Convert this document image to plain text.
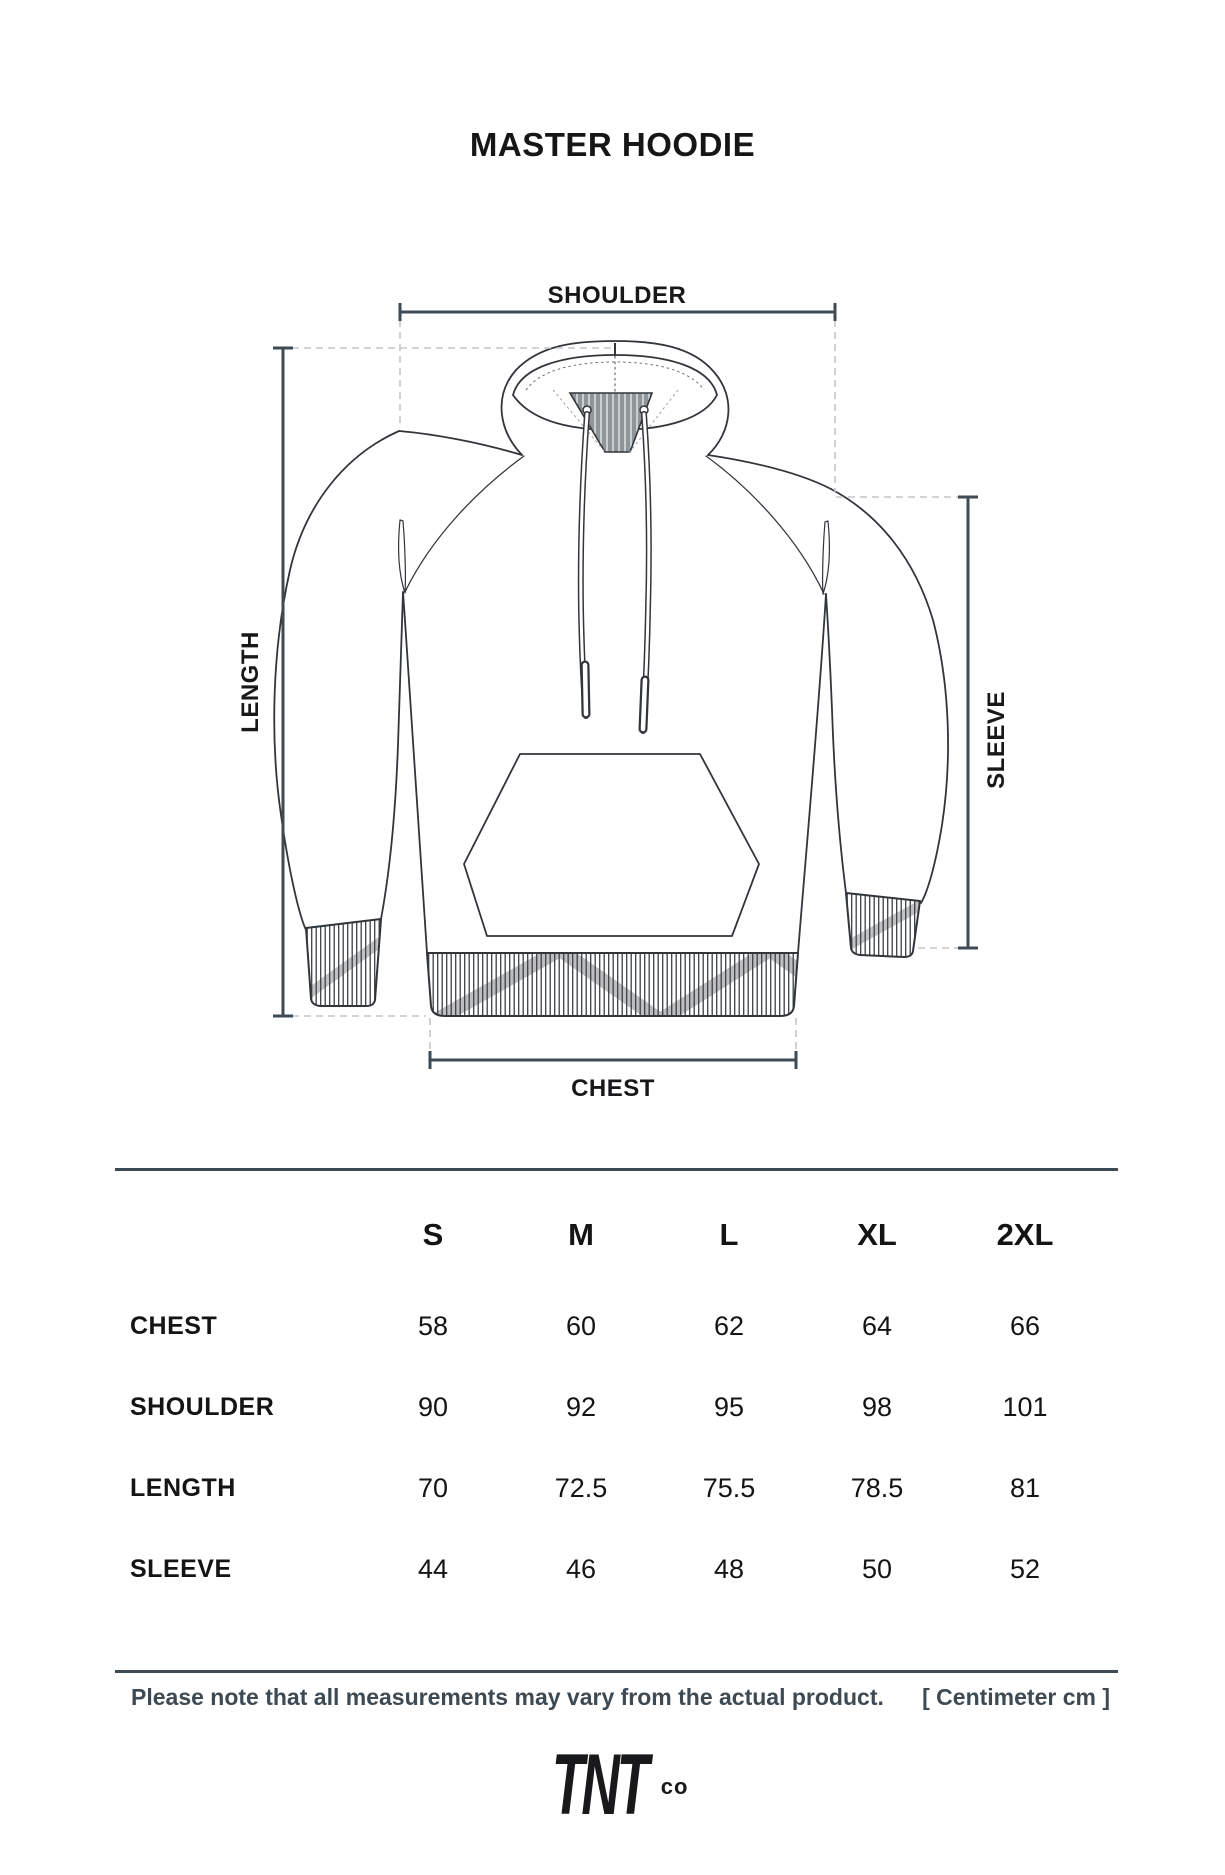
MASTER HOODIE
SHOULDER
CHEST
LENGTH
SLEEVE
S	M	L	XL	2XL
CHEST	58	60	62	64	66
SHOULDER	90	92	95	98	101
LENGTH	70	72.5	75.5	78.5	81
SLEEVE	44	46	48	50	52
Please note that all measurements may vary from the actual product. [ Centimeter cm ]
TNT co
